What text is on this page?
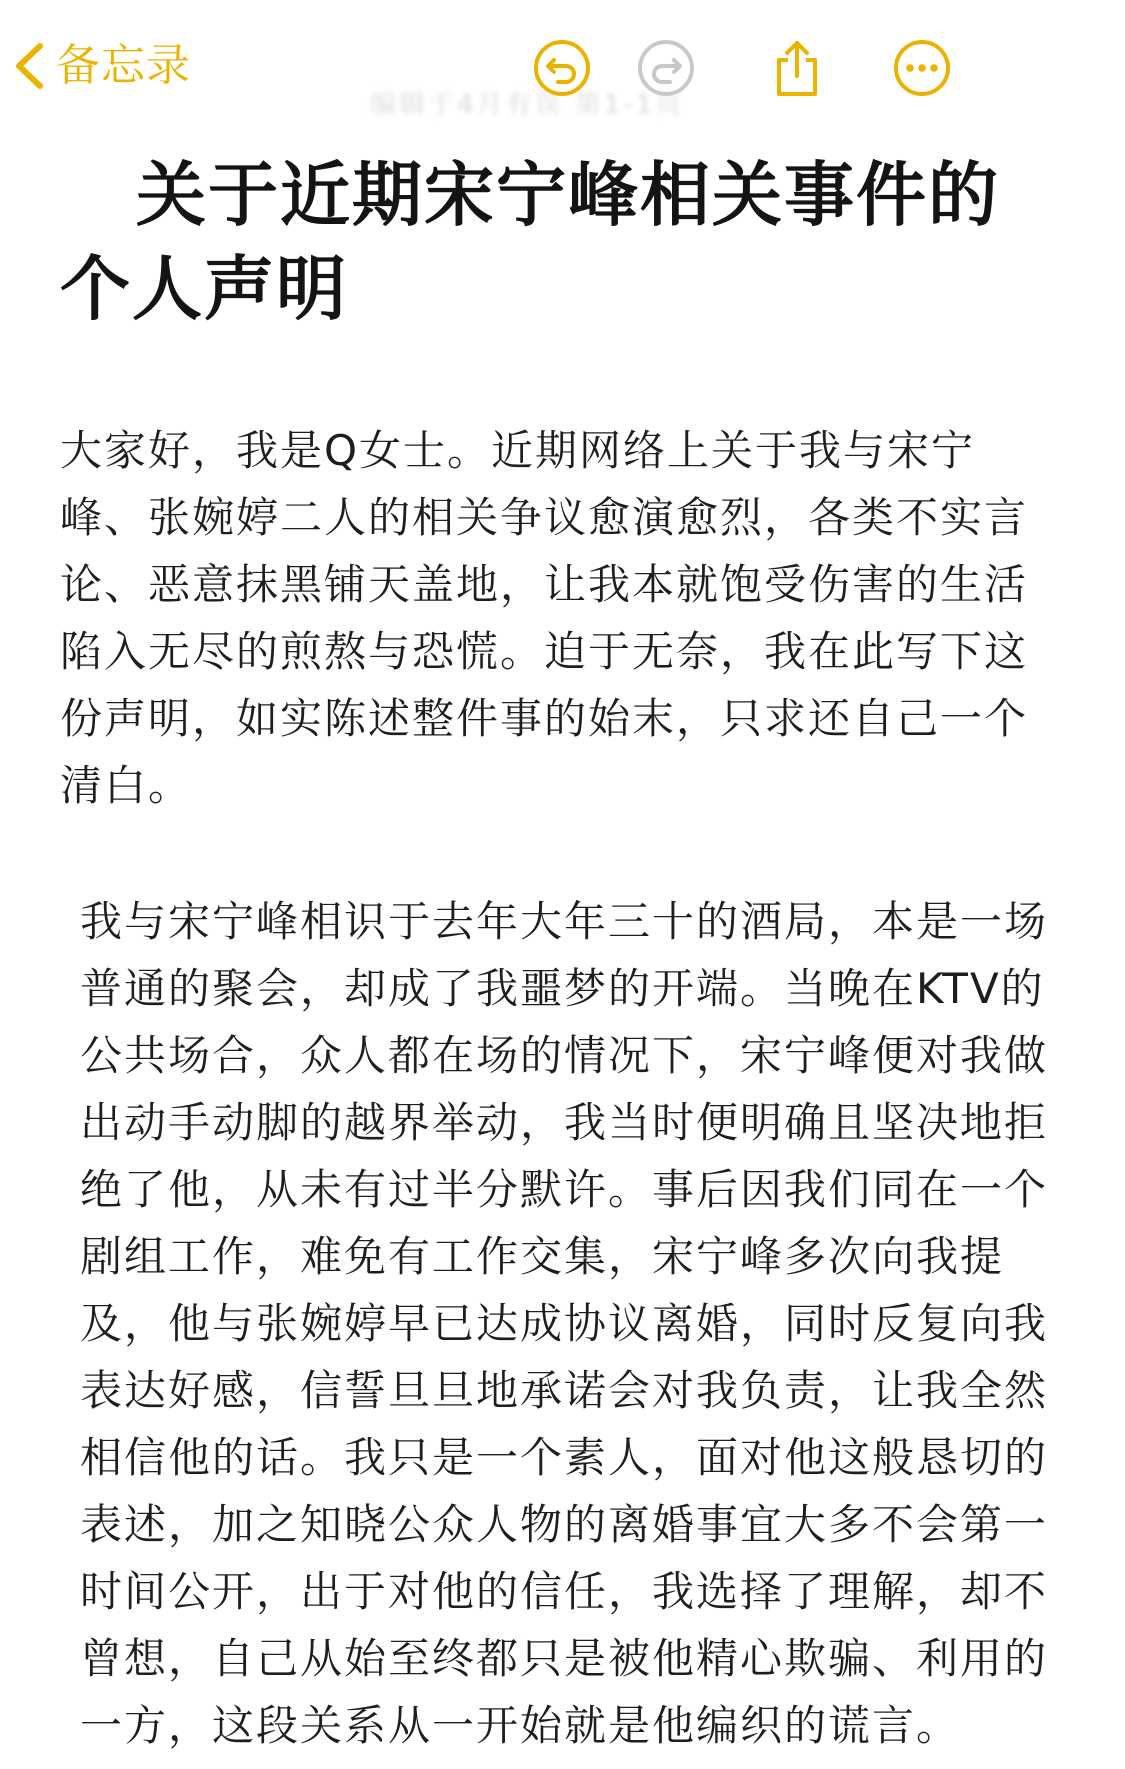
备忘录
编辑于4月有误 第1-1页
关于近期宋宁峰相关事件的个人声明

大家好，我是Q女士。近期网络上关于我与宋宁
峰、张婉婷二人的相关争议愈演愈烈，各类不实言
论、恶意抹黑铺天盖地，让我本就饱受伤害的生活
陷入无尽的煎熬与恐慌。迫于无奈，我在此写下这
份声明，如实陈述整件事的始末，只求还自己一个
清白。

我与宋宁峰相识于去年大年三十的酒局，本是一场
普通的聚会，却成了我噩梦的开端。当晚在KTV的
公共场合，众人都在场的情况下，宋宁峰便对我做
出动手动脚的越界举动，我当时便明确且坚决地拒
绝了他，从未有过半分默许。事后因我们同在一个
剧组工作，难免有工作交集，宋宁峰多次向我提
及，他与张婉婷早已达成协议离婚，同时反复向我
表达好感，信誓旦旦地承诺会对我负责，让我全然
相信他的话。我只是一个素人，面对他这般恳切的
表述，加之知晓公众人物的离婚事宜大多不会第一
时间公开，出于对他的信任，我选择了理解，却不
曾想，自己从始至终都只是被他精心欺骗、利用的
一方，这段关系从一开始就是他编织的谎言。
